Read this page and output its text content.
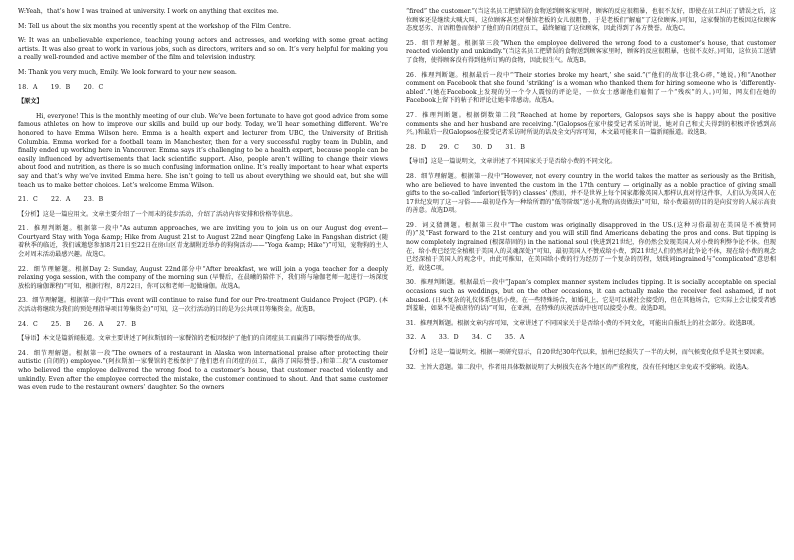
W:Yeah，that’s how I was trained at university. I work on anything that excites me.

M: Tell us about the six months you recently spent at the workshop of the Film Centre.

W: It was an unbelievable experience, teaching young actors and actresses, and working with some great acting artists. It was also great to work in various jobs, such as directors, writers and so on. It’s very helpful for making you a really well-rounded and active member of the film and television industry.

M: Thank you very much, Emily. We look forward to your new season.

18．A　　19．B　　20．C

【原文】

Hi, everyone! This is the monthly meeting of our club. We’ve been fortunate to have got good advice from some famous athletes on how to improve our skills and build up our body. Today, we’ll hear something different. We’re honored to have Emma Wilson here. Emma is a health expert and lecturer from UBC, the University of British Columbia. Emma worked for a football team in Manchester, then for a very successful rugby team in Dublin, and finally ended up working here in Vancouver. Emma says it’s challenging to be a health expert, because people can be easily influenced by advertisements that lack scientific support. Also, people aren’t willing to change their views about food and nutrition, as there is so much confusing information online. It’s really important to hear what experts say and that’s why we’ve invited Emma here. She isn’t going to tell us about everything we should eat, but she will teach us to make better choices. Let’s welcome Emma Wilson.

21．C　　22．A　　23．B

【分析】这是一篇应用文。文章主要介绍了一个周末的徒步活动，介绍了活动内容安排和价格等信息。

21．推理判断题。根据第一段中“As autumn approaches, we are inviting you to join us on our August dog event—Courtyard Stay with Yoga &amp; Hike from August 21st to August 22nd near Qingfeng Lake in Fangshan district (随着秋季的临近，我们诚邀您参加8月21日至22日在房山区青龙湖附近举办的狗狗活动——“Yoga &amp; Hike”)”可知，宠物狗的主人会对周末活动最感兴趣。故选C。

22．细节理解题。根据Day 2: Sunday, August 22nd部分中“After breakfast, we will join a yoga teacher for a deeply relaxing yoga session, with the company of the morning sun (早餐后，在晨曦的陪伴下，我们将与瑜伽老师一起进行一场深度放松的瑜伽课程)”可知，根据行程，8月22日，你可以和老师一起做瑜伽。故选A。

23．细节理解题。根据第一段中“This event will continue to raise fund for our Pre-treatment Guidance Project (PGP). (本次活动将继续为我们的预处理指导项目筹集资金)”可知，这一次行活动的目的是为公共项目筹集资金。故选B。

24．C　　25．B　　26．A　　27．B

【导语】本文是篇新闻报道。文章主要讲述了阿拉斯加的一家餐馆的老板因保护了他们的自闭症员工而赢得了国际赞誉的故事。

24．细节理解题。根据第一段“The owners of a restaurant in Alaska won international praise after protecting their autistic (自闭的) employee.”(阿拉斯加一家餐馆的老板保护了他们患有自闭症的员工，赢得了国际赞誉。)和第二段“A customer who believed the employee delivered the wrong food to a customer’s house, that customer reacted violently and unkindly. Even after the employee corrected the mistake, the customer continued to shout. And that same customer was even rude to the restaurant owners’ daughter. So the owners

“fired” the customer.”(当这名员工把错误的食物送到顾客家里时，顾客的反应很粗暴，也很不友好，即使在员工纠正了错误之后，这位顾客还是继续大喊大叫，这位顾客甚至对餐馆老板的女儿很粗鲁，于是老板们“解雇”了这位顾客。)可知，这家餐馆的老板因这位顾客态度恶劣、言语粗鲁而保护了他们的自闭症员工，最终解雇了这位顾客，因此得到了各方赞誉。故选C。

25．细节理解题。根据第三段“When the employee delivered the wrong food to a customer’s house, that customer reacted violently and unkindly.”(当这名员工把错误的食物送到顾客家里时，顾客的反应很粗暴，也很不友好。)可知，这位员工送错了食物，使得顾客没有得到他所订购的食物，因此很生气。故选B。

26．推理判断题。根据最后一段中“‘Their stories broke my heart,’ she said.”(“他们的故事让我心碎，”她说。)和“Another comment on Facebook that she found ‘striking’ is a woman who thanked them for hiring someone who is ‘differently-abled’.”(她在Facebook上发现的另一个令人震惊的评论是，一位女士感谢他们雇佣了一个“残疾”的人。)可知，网友们在她的Facebook上留下的帖子和评论让她非常感动。故选A。

27．推理判断题。根据倒数第二段“Reached at home by reporters, Galopsos says she is happy about the positive comments she and her husband are receiving.”(Galopsos在家中接受记者采访时说，她对自己和丈夫得到的积极评价感到高兴。)和最后一段Galopsos在接受记者采访时所说的话及全文内容可知，本文最可能来自一篇新闻报道。故选B。

28．D　　29．C　　30．D　　31．B

【导语】这是一篇说明文，文章讲述了不同国家关于是否给小费的不同文化。

28．细节理解题。根据第一段中“However, not every country in the world takes the matter as seriously as the British, who are believed to have invented the custom in the 17th century — originally as a noble practice of giving small gifts to the so-called ‘inferior(低等的) classes’ (然而，并不是世界上每个国家都像英国人那样认真对待这件事，人们认为英国人在17世纪发明了这一习俗——最初是作为一种给所谓的“低等阶级”送小礼物的高贵做法)”可知，给小费最初的目的是向贫穷的人展示高贵的善意。故选D项。

29．词义猜测题。根据第三段中“The custom was originally disapproved in the US.(这种习俗最初在美国是不被赞同的)”及“Fast forward to the 21st century and you will still find Americans debating the pros and cons. But tipping is now completely ingrained (根深蒂固的) in the national soul (快进到21世纪，你仍然会发现美国人对小费的利弊争论不休。但现在，给小费已经完全植根于美国人的灵魂深处)”可知，最初美国人不赞成给小费，到21世纪人们仍然对此争论不休，现在给小费的观念已经深植于美国人的观念中，由此可推知，在美国给小费的行为经历了一个复杂的历程，划线词ingrained与“complicated”意思相近，故选C项。

30．推理判断题。根据最后一段中“Japan’s complex manner system includes tipping. It is socially acceptable on special occasions such as weddings, but on the other occasions, it can actually make the receiver feel ashamed, if not abused. (日本复杂的礼仪体系包括小费。在一些特殊场合，如婚礼上，它是可以被社会接受的，但在其他场合，它实际上会让接受者感到羞耻，如果不是被虐待的话)”可知，在亚洲，在特殊的庆祝活动中也可以接受小费。故选D项。

31．推理判断题。根据文章内容可知，文章讲述了不同国家关于是否给小费的不同文化，可能出自报纸上的社会部分。故选B项。

32．A　　33．D　　34．C　　35．A

【分析】这是一篇说明文。根据一项研究显示，自20世纪30年代以来，加州已经损失了一半的大树，而气候变化似乎是其主要因素。

32．主旨大意题。第二段中，作者用具体数据说明了大树损失在各个地区的严重程度，没有任何地区幸免或不受影响。故选A。
